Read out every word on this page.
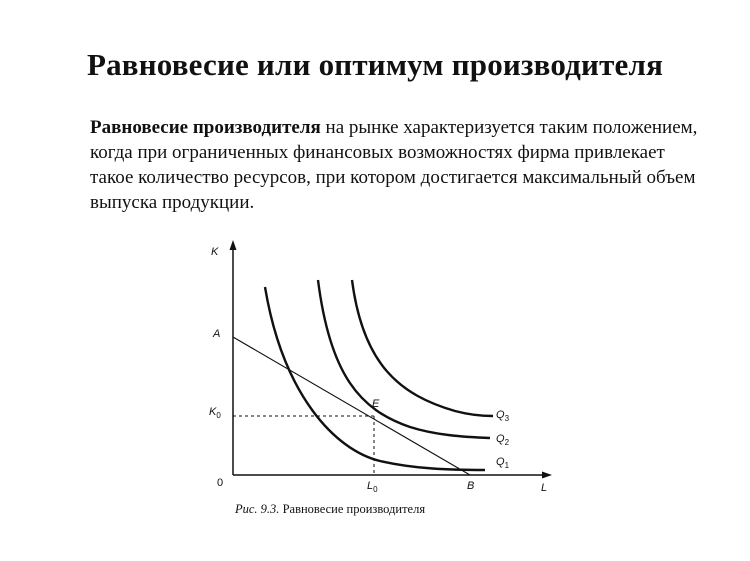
Равновесие или оптимум производителя
Равновесие производителя на рынке характеризуется таким положением, когда при ограниченных финансовых возможностях фирма привлекает такое количество ресурсов, при котором достигается максимальный объем выпуска продукции.
K
L
0
A
B
E
K0
L0
Q3
Q2
Q1
Рис. 9.3. Равновесие производителя
